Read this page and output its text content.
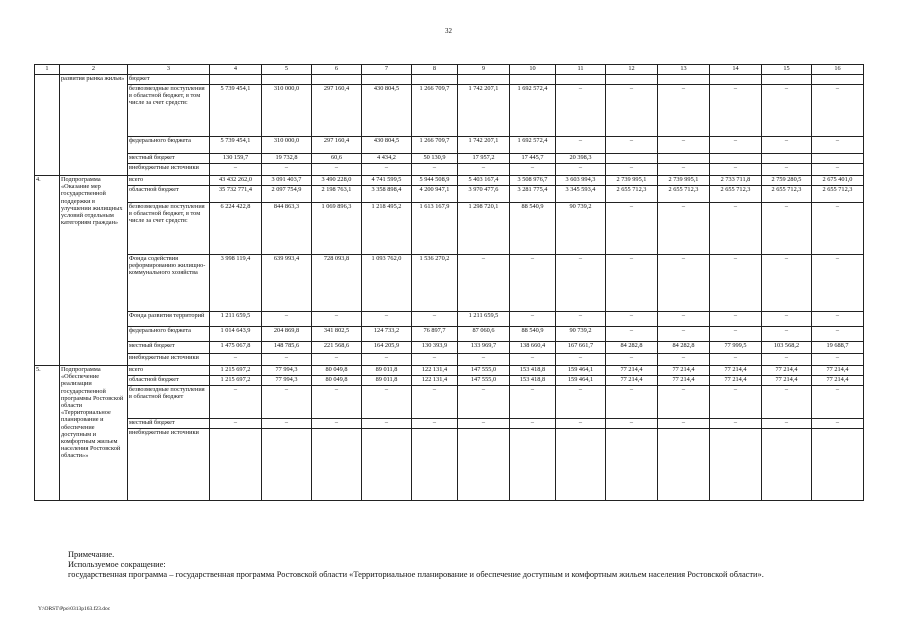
32
1	2	3	4	5	6	7	8	9	10	11	12	13	14	15	16
	развития рынка жилья»	бюджет													
		безвозмездные поступления в областной бюджет, в том числе за счет средств:	5 739 454,1	310 000,0	297 160,4	430 804,5	1 266 709,7	1 742 207,1	1 692 572,4	–	–	–	–	–	–
		федерального бюджета	5 739 454,1	310 000,0	297 160,4	430 804,5	1 266 709,7	1 742 207,1	1 692 572,4	–	–	–	–	–	–
		местный бюджет	130 159,7	19 732,8	60,6	4 434,2	50 130,9	17 957,2	17 445,7	20 398,3					
		внебюджетные источники	–	–	–	–	–	–	–	–	–	–	–	–	–
4.	Подпрограмма «Оказание мер государственной поддержки в улучшении жилищных условий отдельным категориям граждан»	всего	43 432 262,0	3 091 403,7	3 490 228,0	4 741 599,5	5 944 508,9	5 403 167,4	3 508 976,7	3 603 994,3	2 739 995,1	2 739 995,1	2 733 711,8	2 759 280,5	2 675 401,0
		областной бюджет	35 732 771,4	2 097 754,9	2 198 763,1	3 358 898,4	4 200 947,1	3 970 477,6	3 281 775,4	3 345 593,4	2 655 712,3	2 655 712,3	2 655 712,3	2 655 712,3	2 655 712,3
		безвозмездные поступления в областной бюджет, в том числе за счет средств:	6 224 422,8	844 863,3	1 069 896,3	1 218 495,2	1 613 167,9	1 298 720,1	88 540,9	90 739,2	–	–	–	–	–
		Фонда содействия реформированию жилищно-коммунального хозяйства	3 998 119,4	639 993,4	728 093,8	1 093 762,0	1 536 270,2	–	–	–	–	–	–	–	–
		Фонда развития территорий	1 211 659,5	–	–	–	–	1 211 659,5	–	–	–	–	–	–	–
		федерального бюджета	1 014 643,9	204 869,8	341 802,5	124 733,2	76 897,7	87 060,6	88 540,9	90 739,2	–	–	–	–	–
		местный бюджет	1 475 067,8	148 785,6	221 568,6	164 205,9	130 393,9	133 969,7	138 660,4	167 661,7	84 282,8	84 282,8	77 999,5	103 568,2	19 688,7
		внебюджетные источники	–	–	–	–	–	–	–	–	–	–	–	–	–
5.	Подпрограмма «Обеспечение реализации государственной программы Ростовской области «Территориальное планирование и обеспечение доступным и комфортным жильем населения Ростовской области»»	всего	1 215 697,2	77 994,3	80 049,8	89 011,8	122 131,4	147 555,0	153 418,8	159 464,1	77 214,4	77 214,4	77 214,4	77 214,4	77 214,4
		областной бюджет	1 215 697,2	77 994,3	80 049,8	89 011,8	122 131,4	147 555,0	153 418,8	159 464,1	77 214,4	77 214,4	77 214,4	77 214,4	77 214,4
		безвозмездные поступления в областной бюджет	–	–	–	–	–	–	–	–	–	–	–	–	–
		местный бюджет	–	–	–	–	–	–	–	–	–	–	–	–	–
		внебюджетные источники													
Примечание.
Используемое сокращение:
государственная программа – государственная программа Ростовской области «Территориальное планирование и обеспечение доступным и комфортным жильем населения Ростовской области».
Y:\ORST\Ppo\0313p163.f23.doc
